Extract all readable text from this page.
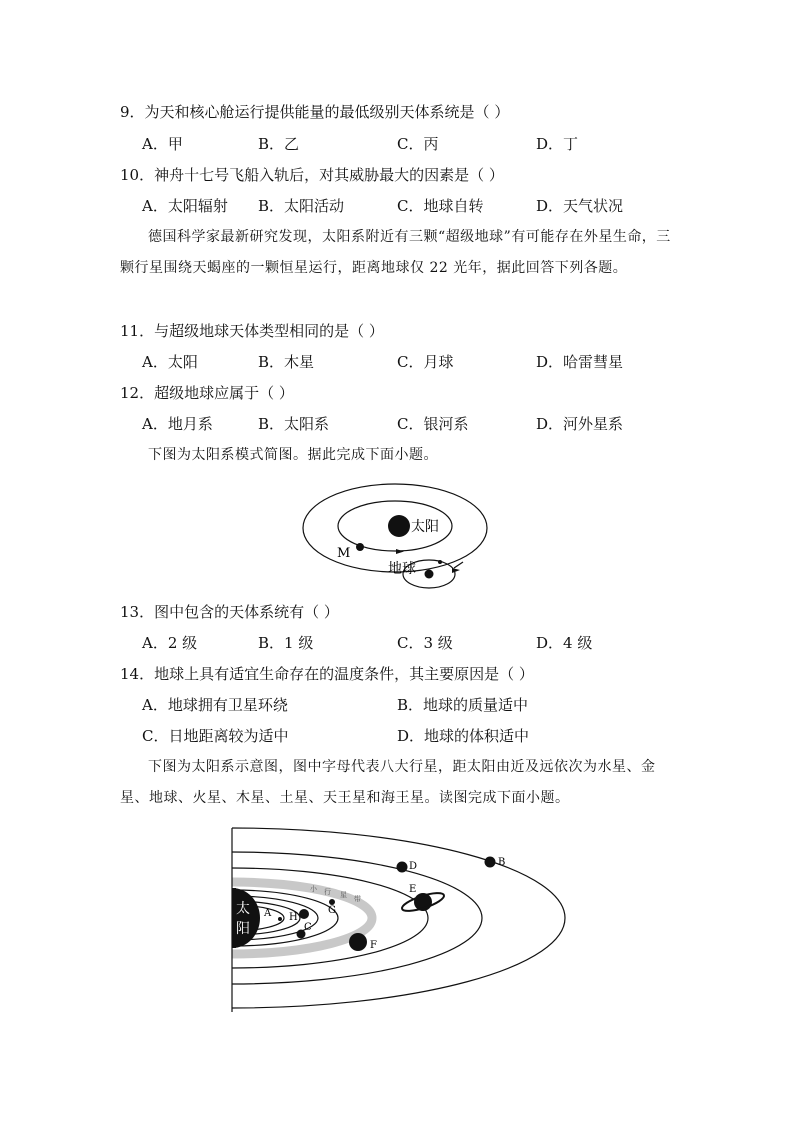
9．为天和核心舱运行提供能量的最低级别天体系统是（ ）
A．甲	B．乙	C．丙	D．丁
10．神舟十七号飞船入轨后，对其威胁最大的因素是（ ）
A．太阳辐射 B．太阳活动	C．地球自转	D．天气状况
德国科学家最新研究发现，太阳系附近有三颗“超级地球”有可能存在外星生命，三颗行星围绕天蝎座的一颗恒星运行，距离地球仅 22 光年，据此回答下列各题。
11．与超级地球天体类型相同的是（ ）
A．太阳	B．木星	C．月球	D．哈雷彗星
12．超级地球应属于（ ）
A．地月系	B．太阳系	C．银河系	D．河外星系
下图为太阳系模式简图。据此完成下面小题。
太阳
M
地球
13．图中包含的天体系统有（ ）
A．2 级	B．1 级	C．3 级	D．4 级
14．地球上具有适宜生命存在的温度条件，其主要原因是（ ）
A．地球拥有卫星环绕	B．地球的质量适中
C．日地距离较为适中	D．地球的体积适中
下图为太阳系示意图，图中字母代表八大行星，距太阳由近及远依次为水星、金星、地球、火星、木星、土星、天王星和海王星。读图完成下面小题。
太
阳
小 行 星 带
B
D
E
F
G
H
C
A
